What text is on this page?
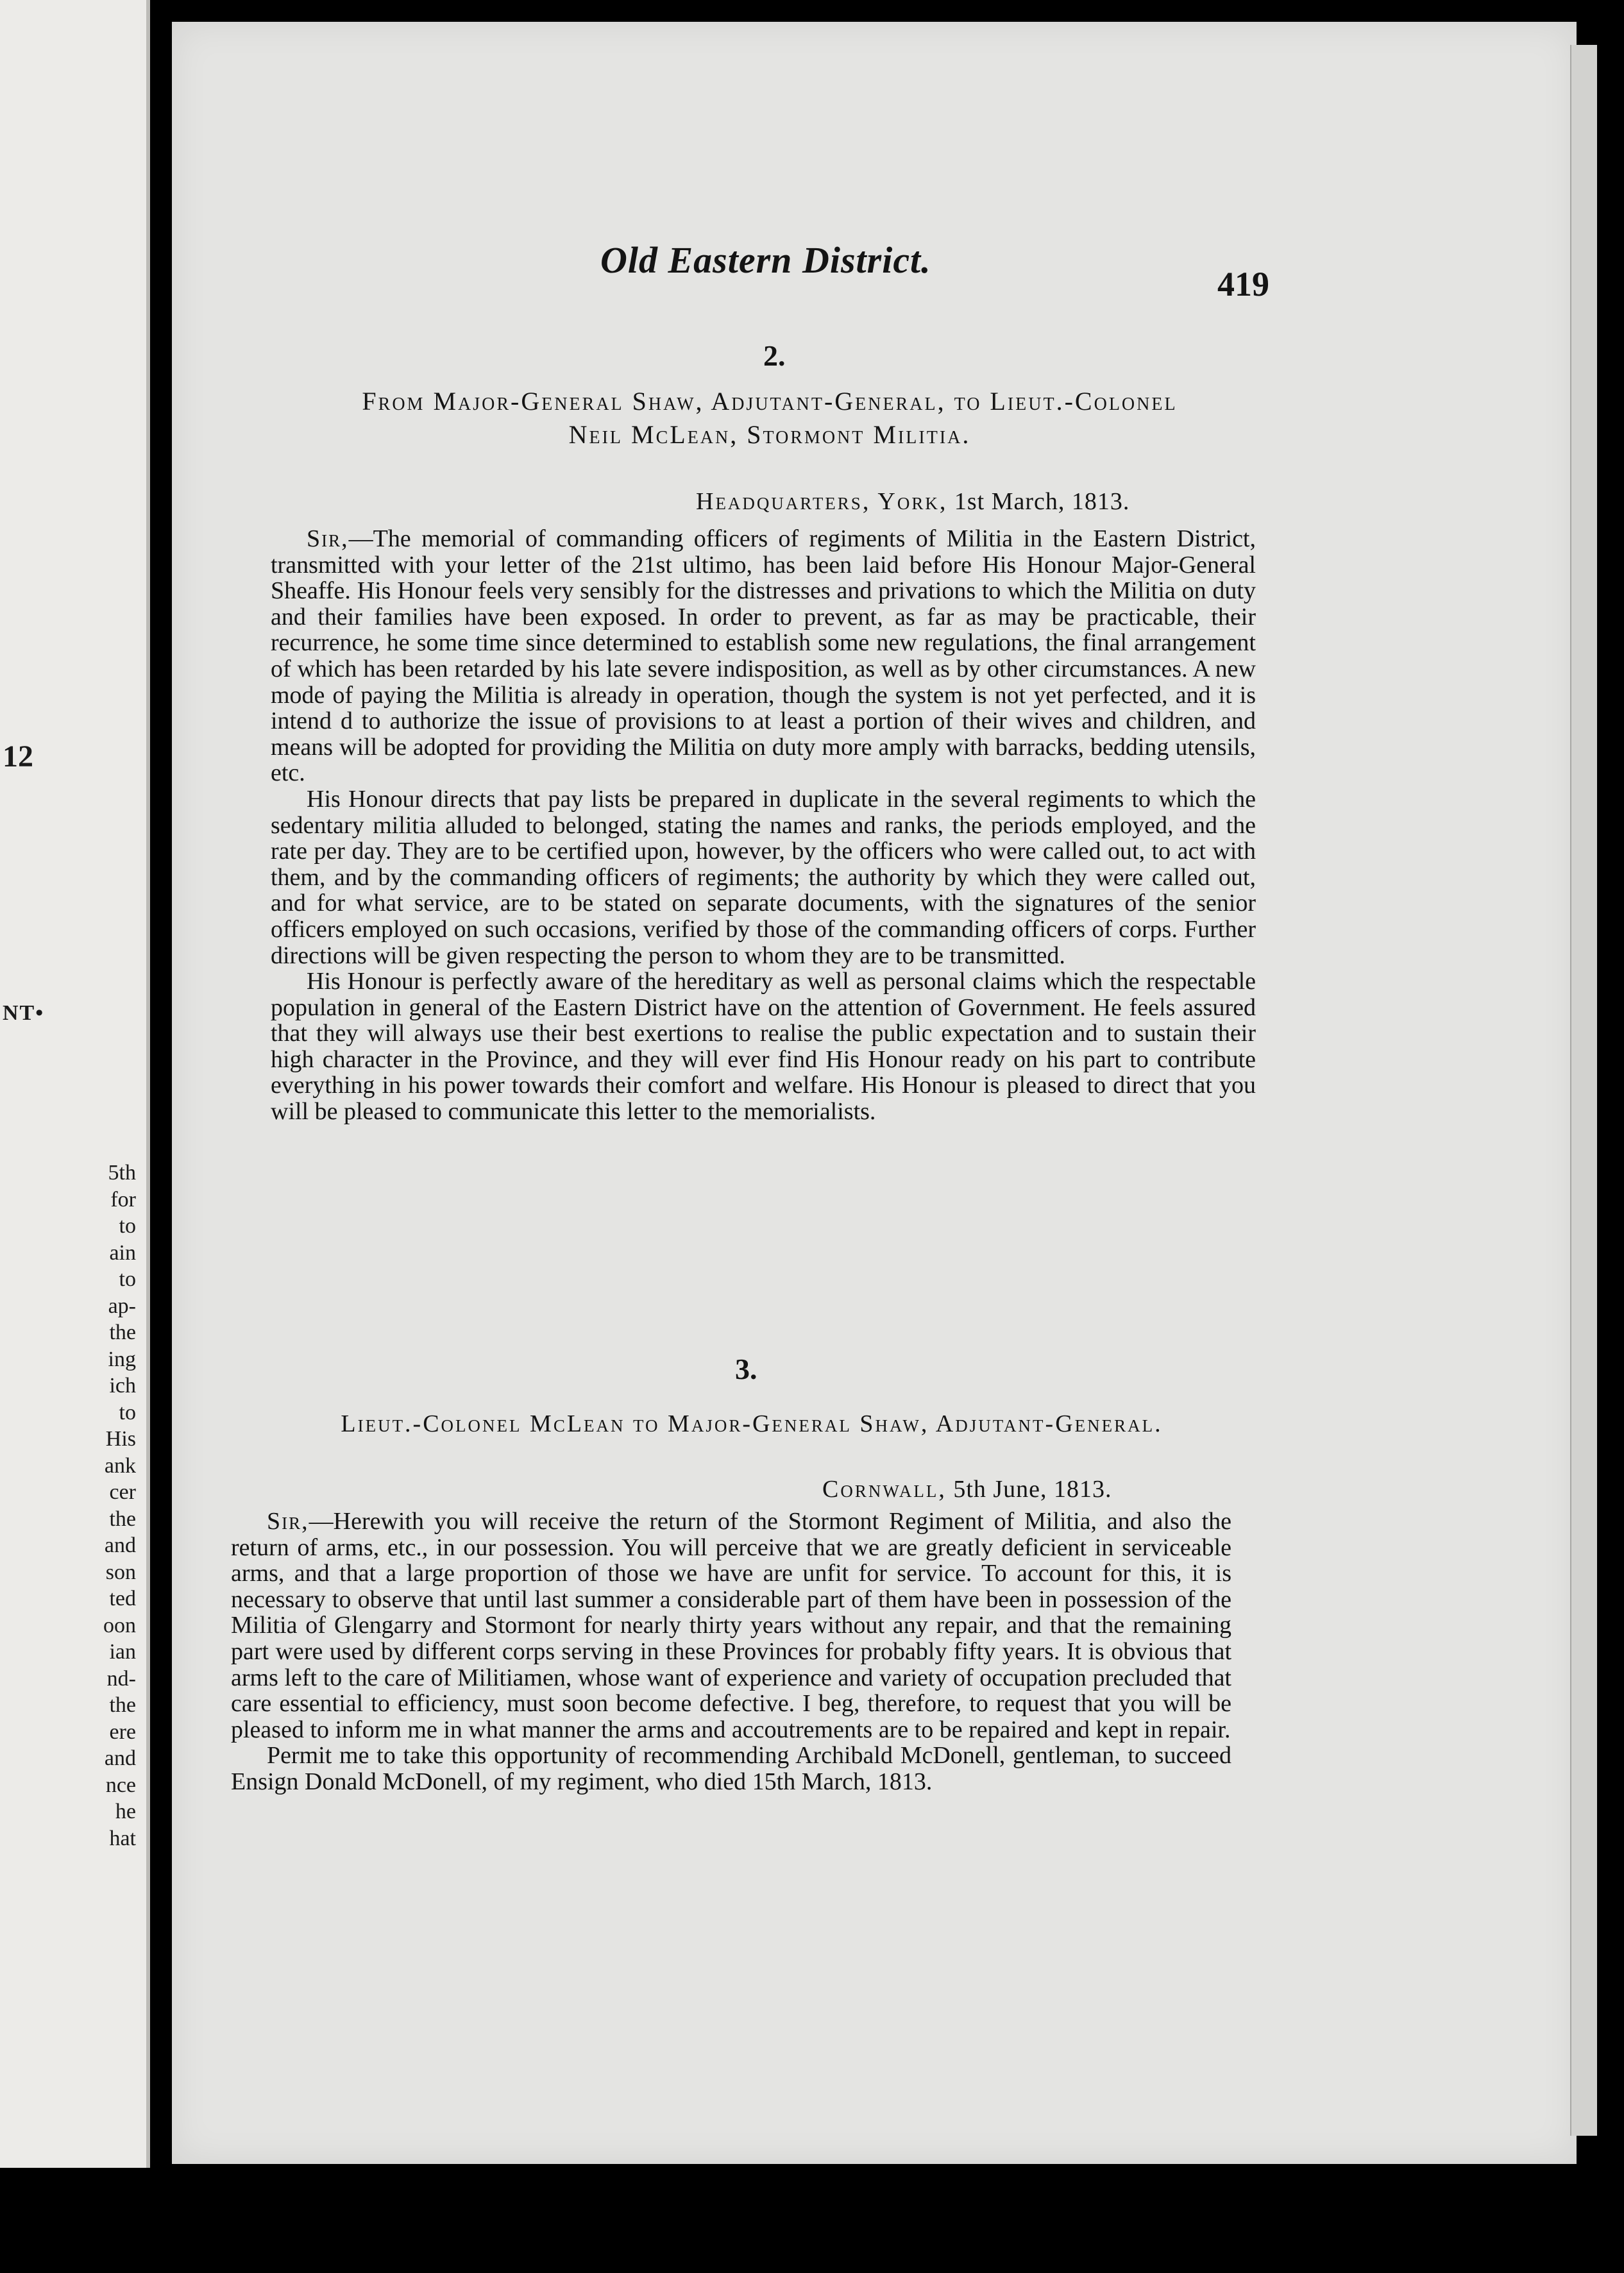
12
NT•
5th
for
to
ain
to
ap-
the
ing
ich
to
His
ank
cer
the
and
son
ted
oon
ian
nd-
the
ere
and
nce
he
hat
Old Eastern District.
419
2.
From Major-General Shaw, Adjutant-General, to Lieut.-Colonel
Neil McLean, Stormont Militia.
Headquarters, York, 1st March, 1813.

Sir,—The memorial of commanding officers of regiments of Militia in the Eastern District, transmitted with your letter of the 21st ultimo, has been laid before His Honour Major-General Sheaffe. His Honour feels very sensibly for the distresses and privations to which the Militia on duty and their families have been exposed. In order to prevent, as far as may be practicable, their recurrence, he some time since determined to establish some new regulations, the final arrangement of which has been retarded by his late severe indisposition, as well as by other circumstances. A new mode of paying the Militia is already in operation, though the system is not yet perfected, and it is intend d to authorize the issue of provisions to at least a portion of their wives and children, and means will be adopted for providing the Militia on duty more amply with barracks, bedding utensils, etc.

His Honour directs that pay lists be prepared in duplicate in the several regiments to which the sedentary militia alluded to belonged, stating the names and ranks, the periods employed, and the rate per day. They are to be certified upon, however, by the officers who were called out, to act with them, and by the commanding officers of regiments; the authority by which they were called out, and for what service, are to be stated on separate documents, with the signatures of the senior officers employed on such occasions, verified by those of the commanding officers of corps. Further directions will be given respecting the person to whom they are to be transmitted.

His Honour is perfectly aware of the hereditary as well as personal claims which the respectable population in general of the Eastern District have on the attention of Government. He feels assured that they will always use their best exertions to realise the public expectation and to sustain their high character in the Province, and they will ever find His Honour ready on his part to contribute everything in his power towards their comfort and welfare. His Honour is pleased to direct that you will be pleased to communicate this letter to the memorialists.

3.
Lieut.-Colonel McLean to Major-General Shaw, Adjutant-General.
Cornwall, 5th June, 1813.

Sir,—Herewith you will receive the return of the Stormont Regiment of Militia, and also the return of arms, etc., in our possession. You will perceive that we are greatly deficient in serviceable arms, and that a large proportion of those we have are unfit for service. To account for this, it is necessary to observe that until last summer a considerable part of them have been in possession of the Militia of Glengarry and Stormont for nearly thirty years without any repair, and that the remaining part were used by different corps serving in these Provinces for probably fifty years. It is obvious that arms left to the care of Militiamen, whose want of experience and variety of occupation precluded that care essential to efficiency, must soon become defective. I beg, therefore, to request that you will be pleased to inform me in what manner the arms and accoutrements are to be repaired and kept in repair.

Permit me to take this opportunity of recommending Archibald McDonell, gentleman, to succeed Ensign Donald McDonell, of my regiment, who died 15th March, 1813.
